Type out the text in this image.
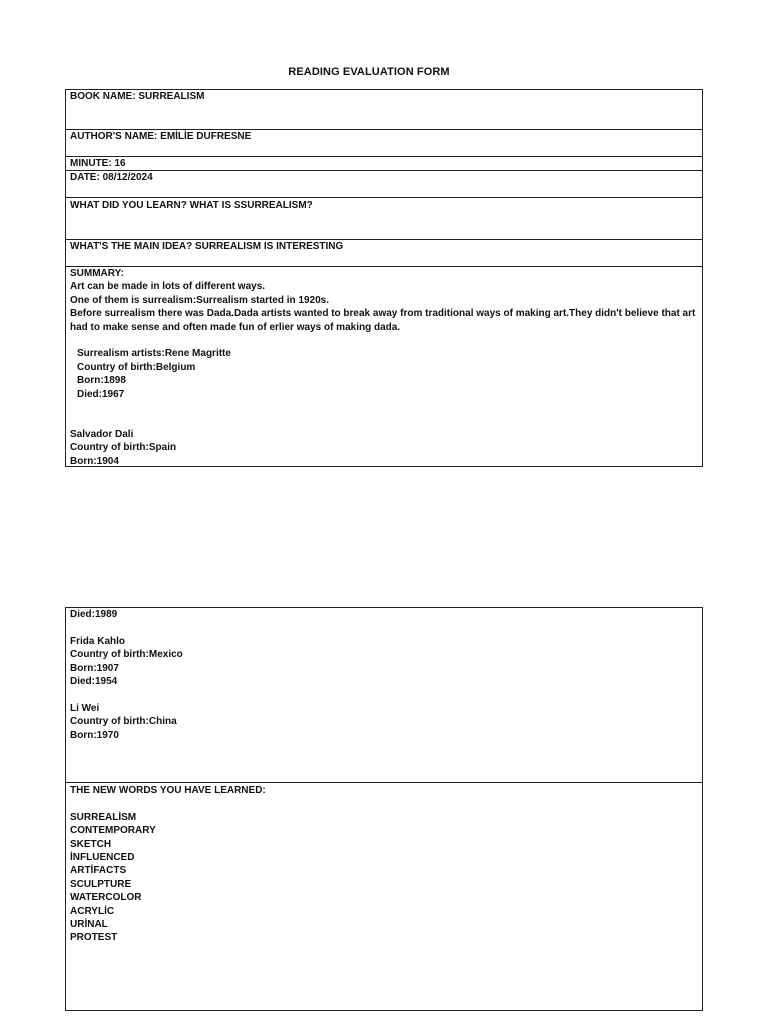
READING EVALUATION FORM
BOOK NAME: SURREALISM
AUTHOR'S NAME: EMİLİE DUFRESNE
MINUTE: 16
DATE: 08/12/2024
WHAT DID YOU LEARN? WHAT IS SSURREALISM?
WHAT'S THE MAIN IDEA? SURREALISM IS INTERESTING
SUMMARY:
Art can be made in lots of different ways.
One of them is surrealism:Surrealism started in 1920s.
Before surrealism there was Dada.Dada artists wanted to break away from traditional ways of making art.They didn't believe that art had to make sense and often made fun of erlier ways of making dada.
Surrealism artists:Rene Magritte
Country of birth:Belgium
Born:1898
Died:1967
Salvador Dali
Country of birth:Spain
Born:1904
Died:1989
Frida Kahlo
Country of birth:Mexico
Born:1907
Died:1954
Li Wei
Country of birth:China
Born:1970
THE NEW WORDS YOU HAVE LEARNED:
SURREALİSM
CONTEMPORARY
SKETCH
İNFLUENCED
ARTİFACTS
SCULPTURE
WATERCOLOR
ACRYLİC
URİNAL
PROTEST
